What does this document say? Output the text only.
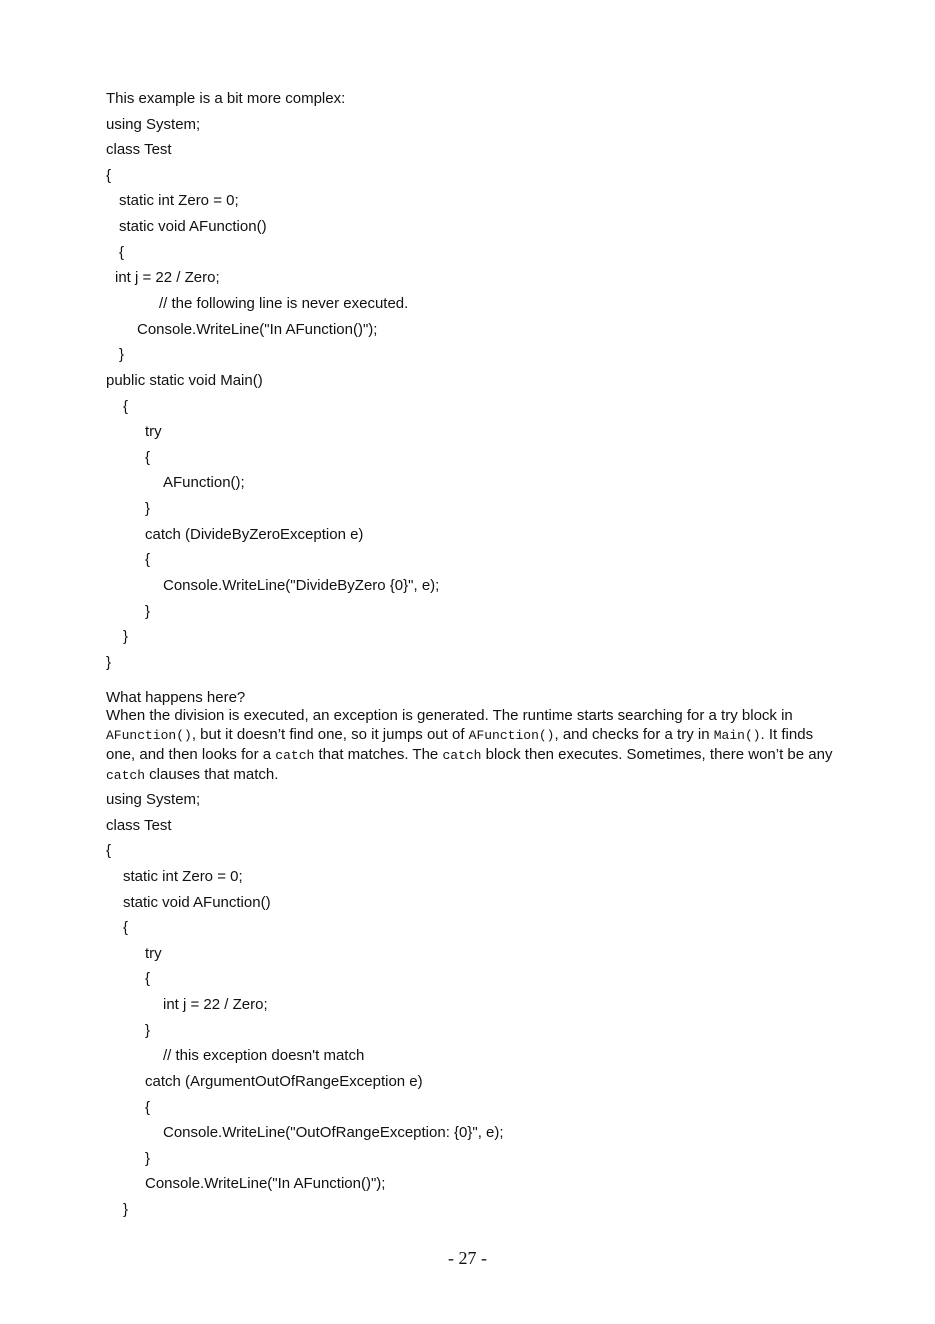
This example is a bit more complex:
using System;
class Test
{
static int Zero = 0;
static void AFunction()
{
int j = 22 / Zero;
// the following line is never executed.
Console.WriteLine("In AFunction()");
}
public static void Main()
{
try
{
AFunction();
}
catch (DivideByZeroException e)
{
Console.WriteLine("DivideByZero {0}", e);
}
}
}
What happens here?
When the division is executed, an exception is generated. The runtime starts searching for a try block in AFunction(), but it doesn’t find one, so it jumps out of AFunction(), and checks for a try in Main(). It finds one, and then looks for a catch that matches. The catch block then executes. Sometimes, there won’t be any catch clauses that match.
using System;
class Test
{
static int Zero = 0;
static void AFunction()
{
try
{
int j = 22 / Zero;
}
// this exception doesn't match
catch (ArgumentOutOfRangeException e)
{
Console.WriteLine("OutOfRangeException: {0}", e);
}
Console.WriteLine("In AFunction()");
}
- 27 -
